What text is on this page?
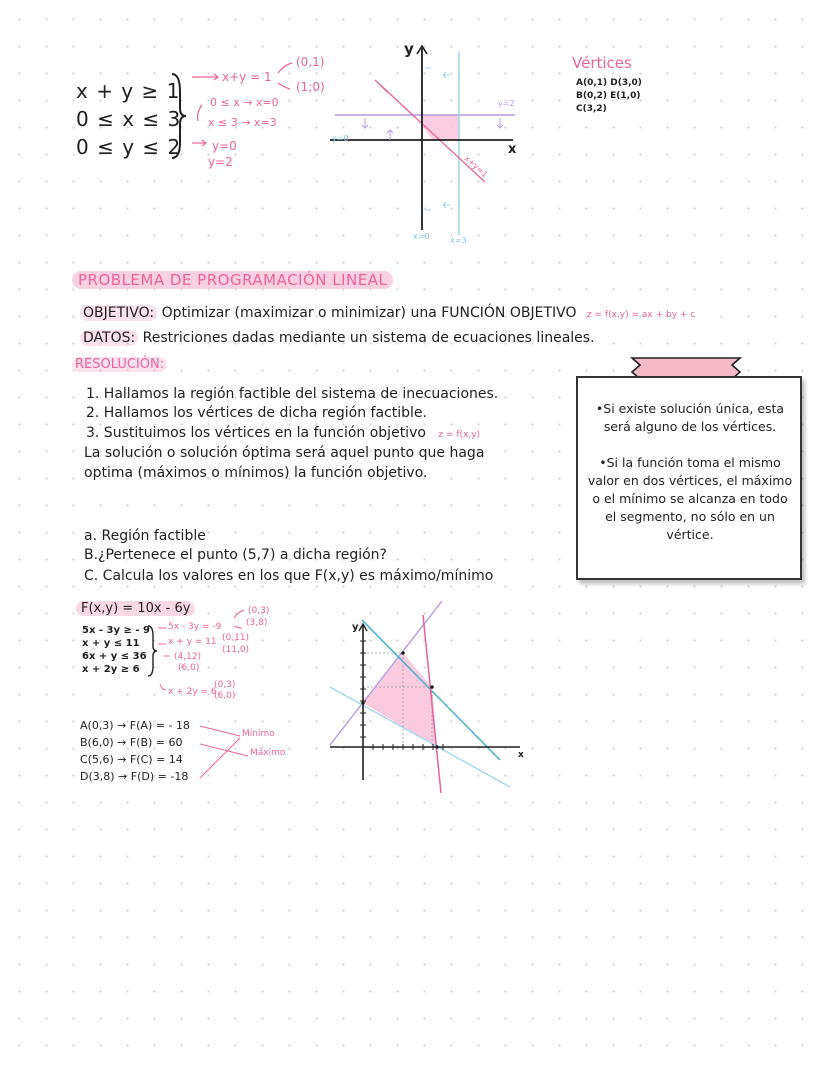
x + y ≥ 1
0 ≤ x ≤ 3
0 ≤ y ≤ 2
x+y = 1
(0,1)
(1;0)
0 ≤ x → x=0
x ≤ 3 → x=3
y=0
y=2
y
x
y=2
y=0
x+y=1
x=0	x=3
Vértices
A(0,1) D(3,0)
B(0,2) E(1,0)
C(3,2)
PROBLEMA DE PROGRAMACIÓN LINEAL
OBJETIVO: Optimizar (maximizar o minimizar) una FUNCIÓN OBJETIVO z = f(x,y) = ax + by + c
DATOS: Restriciones dadas mediante un sistema de ecuaciones lineales.
RESOLUCIÓN:
1. Hallamos la región factible del sistema de inecuaciones.
2. Hallamos los vértices de dicha región factible.
3. Sustituimos los vértices en la función objetivo z = f(x,y)
La solución o solución óptima será aquel punto que haga
optima (máximos o mínimos) la función objetivo.

•Si existe solución única, esta será alguno de los vértices.

•Si la función toma el mismo valor en dos vértices, el máximo o el mínimo se alcanza en todo el segmento, no sólo en un vértice.

a. Región factible
B.¿Pertenece el punto (5,7) a dicha región?
C. Calcula los valores en los que F(x,y) es máximo/mínimo
F(x,y) = 10x - 6y
5x - 3y ≥ - 9
x + y ≤ 11
6x + y ≤ 36
x + 2y ≥ 6
5x - 3y = -9
(0,3)
(3,8)
x + y = 11 (0,11)
(11,0)
(4,12)
(6,0)
x + 2y = 6
(0,3)
(6,0)
A(0,3) → F(A) = - 18
B(6,0) → F(B) = 60
C(5,6) → F(C) = 14
D(3,8) → F(D) = -18
Mínimo
Máximo
y
x
